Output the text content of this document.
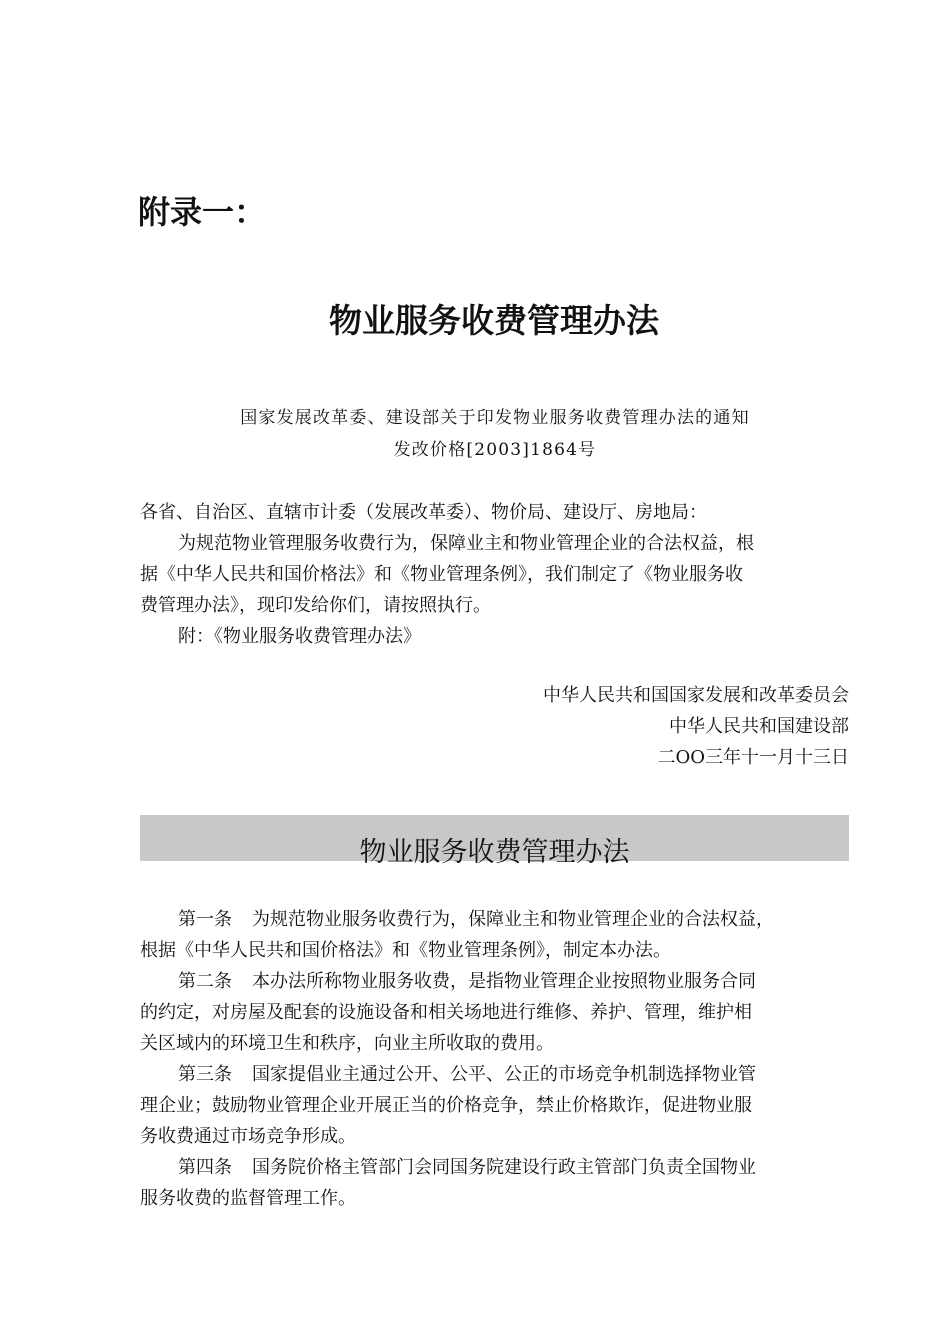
附录一：
物业服务收费管理办法
国家发展改革委、建设部关于印发物业服务收费管理办法的通知
发改价格[2003]1864号
各省、自治区、直辖市计委（发展改革委）、物价局、建设厅、房地局：
为规范物业管理服务收费行为，保障业主和物业管理企业的合法权益，根
据《中华人民共和国价格法》和《物业管理条例》，我们制定了《物业服务收
费管理办法》，现印发给你们，请按照执行。
附：《物业服务收费管理办法》
中华人民共和国国家发展和改革委员会
中华人民共和国建设部
二OO三年十一月十三日
物业服务收费管理办法
第一条 为规范物业服务收费行为，保障业主和物业管理企业的合法权益，
根据《中华人民共和国价格法》和《物业管理条例》，制定本办法。
第二条 本办法所称物业服务收费，是指物业管理企业按照物业服务合同
的约定，对房屋及配套的设施设备和相关场地进行维修、养护、管理，维护相
关区域内的环境卫生和秩序，向业主所收取的费用。
第三条 国家提倡业主通过公开、公平、公正的市场竞争机制选择物业管
理企业；鼓励物业管理企业开展正当的价格竞争，禁止价格欺诈，促进物业服
务收费通过市场竞争形成。
第四条 国务院价格主管部门会同国务院建设行政主管部门负责全国物业
服务收费的监督管理工作。
